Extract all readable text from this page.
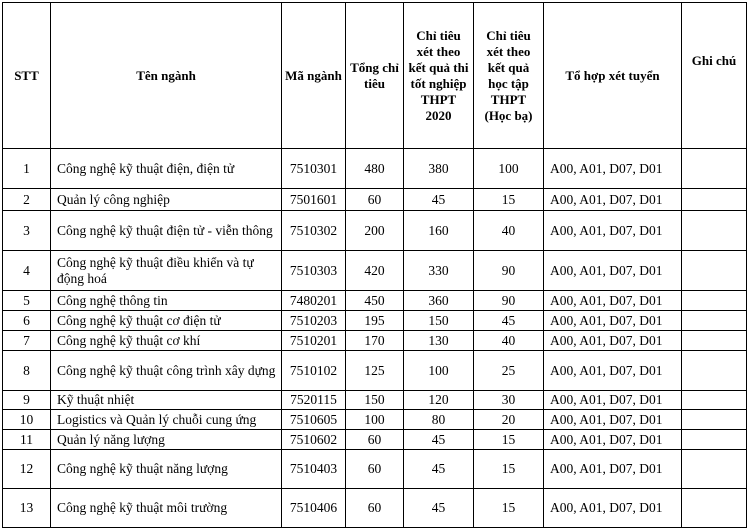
STT	Tên ngành	Mã ngành	Tổng chỉ tiêu	Chỉ tiêu xét theo kết quả thi tốt nghiệp THPT 2020	Chỉ tiêu xét theo kết quả học tập THPT (Học bạ)	Tổ hợp xét tuyển	Ghi chú
1	Công nghệ kỹ thuật điện, điện tử	7510301	480	380	100	A00, A01, D07, D01	
2	Quản lý công nghiệp	7501601	60	45	15	A00, A01, D07, D01	
3	Công nghệ kỹ thuật điện tử - viễn thông	7510302	200	160	40	A00, A01, D07, D01	
4	Công nghệ kỹ thuật điều khiển và tự động hoá	7510303	420	330	90	A00, A01, D07, D01	
5	Công nghệ thông tin	7480201	450	360	90	A00, A01, D07, D01	
6	Công nghệ kỹ thuật cơ điện tử	7510203	195	150	45	A00, A01, D07, D01	
7	Công nghệ kỹ thuật cơ khí	7510201	170	130	40	A00, A01, D07, D01	
8	Công nghệ kỹ thuật công trình xây dựng	7510102	125	100	25	A00, A01, D07, D01	
9	Kỹ thuật nhiệt	7520115	150	120	30	A00, A01, D07, D01	
10	Logistics và Quản lý chuỗi cung ứng	7510605	100	80	20	A00, A01, D07, D01	
11	Quản lý năng lượng	7510602	60	45	15	A00, A01, D07, D01	
12	Công nghệ kỹ thuật năng lượng	7510403	60	45	15	A00, A01, D07, D01	
13	Công nghệ kỹ thuật môi trường	7510406	60	45	15	A00, A01, D07, D01	
